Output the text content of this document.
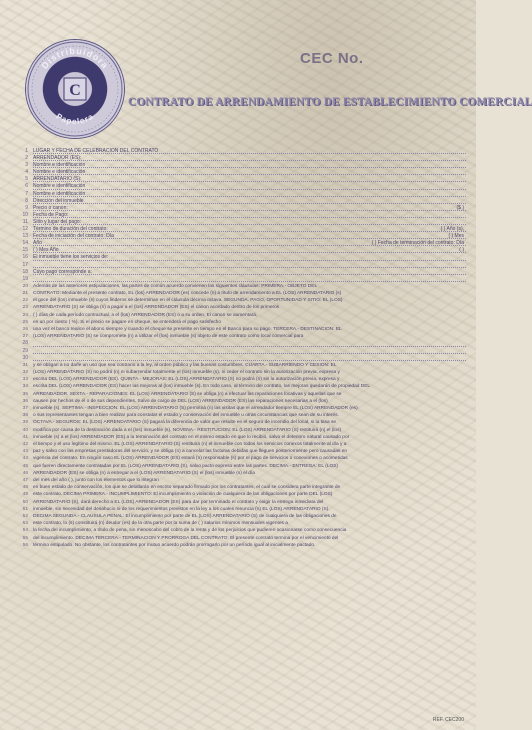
Distribuidora
Papelera
C
CEC No.
CONTRATO DE ARRENDAMIENTO DE ESTABLECIMIENTO COMERCIAL
1 LUGAR Y FECHA DE CELEBRACION DEL CONTRATO
2 ARRENDADOR (ES):
3 Nombre e identificación
4 Nombre e identificación
5 ARRENDATARIO (S):
6 Nombre e identificación
7 Nombre e identificación
8 Dirección del inmueble
9 Precio o canon:	($ )
10 Fecha de Pago:
11 Sitio y lugar del pago:
12 Término de duración del contrato:	( ) Año (s),
13 Fecha de iniciación del contrato: Día	( ) Mes
14 Año	( ) Fecha de terminación del contrato: Día
15 ( ) Mes Año	( )
16 El inmueble tiene los servicios de:
17
18 Cuyo pago corresponde a:
19
20 Además de las anteriores estipulaciones, las partes de común acuerdo convienen las siguientes cláusulas: PRIMERA.- OBJETO DEL
21 CONTRATO: Mediante el presente contrato, EL (los) ARRENDADOR (es) concede (n) a título de arrendamiento a EL (LOS) ARRENDATARIO (s)
22 el goce del (los) inmueble (s) cuyos linderos se determinan en el cláusula décima octava. SEGUNDA. PAGO, OPORTUNIDAD Y SITIO: EL (LOS)
23 ARRENDATARIO (S) se obliga (n) a pagar a el (los) ARRENDADOR (ES) el canon acordado dentro de los primeros
24 ( ) días de cada período contractual, a el (los) ARRENDADOR (ES) o a su orden. El canon se aumentará,
25 en un por ciento ( %). Si el precio se pagare en cheque, se entenderá el pago satisfecho
26 una vez el banco realice el abono siempre y cuando el cheque se presente en tiempo en el Banco para su pago. TERCERA.- DESTINACION: EL
27 (LOS) ARRENDATARIO (S) se compromete (n) a utilizar el (los) inmueble (s) objeto de este contrato como local comercial para
28
29
30
31 y se obligan a no darle un uso que sea contrario a la ley, al orden público y las buenas costumbres. CUARTA.- SUBARRIENDO Y CESION: EL
32 (LOS) ARRENDATARIO (S) no podrá (n) ni subarrendar totalmente el (los) inmueble (s), ni ceder el contrato sin la autorización previa, expresa y
33 escrita DEL (LOS) ARRENDADOR (ES). QUINTA.- MEJORAS: EL (LOS) ARRENDATARIO (S) no podrá (n) sin la autorización previa, expresa y
34 escrita DEL (LOS) ARRENDADOR (ES) hacer las mejoras al (los) inmueble (s). En todo caso, al término del contrato, las mejoras quedarán de propiedad DEL
35 ARRENDADOR. SEXTA.- REPARACIONES: EL (LOS) ARRENDATARIO (S) se obliga (n) a efectuar las reparaciones locativas y aquellas que se
36 causen por hechos de él o de sus dependientes. Salvo de cargo de DEL (LOS) ARRENDADOR (ES) las reparaciones necesarias a el (los)
37 inmueble (s). SEPTIMA.- INSPECCION: EL (LOS) ARRENDATARIO (S) permitirá (n) las visitas que el arrendador tiempre EL (LOS) ARRENDADOR (es)
38 o sus representantes tengan a bien realizar para constatar el estado y conservación del inmueble u otras circunstancias que sean de su interés.
39 OCTAVA.- SEGUROS: EL (LOS) ARRENDATARIO (S) pagará la diferencia de valor que resulte en el seguro de incendio del local, si la tasa se
40 modifica por causa de la destinación dada a el (los) inmueble (s). NOVENA.- RESTITUCION: EL (LOS) ARRENDATARIO (S) restituirá (n) el (los)
41 inmueble (s) a el (los) ARRENDADOR (ES) a la terminación del contrato en el mismo estado en que lo recibió, salvo el deterioro natural causado por
42 el tiempo y el uso legítimo del mismo. EL (LOS) ARRENDATARIO (S) restituirá (n) el inmueble con todos los servicios conexos totalmente al día y a
43 paz y salvo con las empresas prestadoras del servicio, y se obliga (n) a cancelar las facturas debidas que lleguen posteriormente pero causadas en
44 vigencia del contrato. En ningún caso EL (LOS) ARRENDADOR (ES) estará (n) responsable (s) por el pago de servicios o conexiones o acometidas
45 que fueren directamente contratadas por EL (LOS) ARRENDATARIO (S), salvo pacto expreso entre las partes. DECIMA.- ENTREGA: EL (LOS)
46 ARRENDADOR (ES) se obliga (n) a entregar a el (LOS) ARRENDATARIO (S) el (los) inmueble (s) el día
47 del mes del año ( ), junto con los elementos que lo integran
48 en buen estado de conservación, los que se detallarán en escrito separado firmado por los contratantes, el cual se considera parte integrante de
49 este contrato. DECIMA PRIMERA.- INCUMPLIMIENTO: El incumplimiento o violación de cualquiera de las obligaciones por parte DEL (LOS)
50 ARRENDATARIO (S), dará derecho a EL (LOS) ARRENDADOR (ES) para dar por terminado el contrato y exigir la entrega inmediata del
51 inmueble, sin necesidad del desahucio ni de los requerimientos previstos en la ley a los cuales renuncia (n) EL (LOS) ARRENDATARIO (S).
52 DECIMA SEGUNDA.- CLAUSULA PENAL: El incumplimiento por parte de EL (LOS) ARRENDATARIO (S) de cualquiera de las obligaciones de
53 este contrato, lo (s) constituirá (n) deudor (es) de la otra parte por la suma de ( ) salarios mínimos mensuales vigentes a
54 la fecha del incumplimiento, a título de pena, sin menoscabo del cobro de la renta y de los perjuicios que pudieren ocasionarse como consecuencia
55 del incumplimiento. DECIMA TERCERA.- TERMINACION Y PRORROGA DEL CONTRATO: El presente contrato termina por el vencimiento del
56 término estipulado. No obstante, los contratantes por mutuo acuerdo podrán prorrogarlo por un período igual al inicialmente pactado.
REF. CEC200
